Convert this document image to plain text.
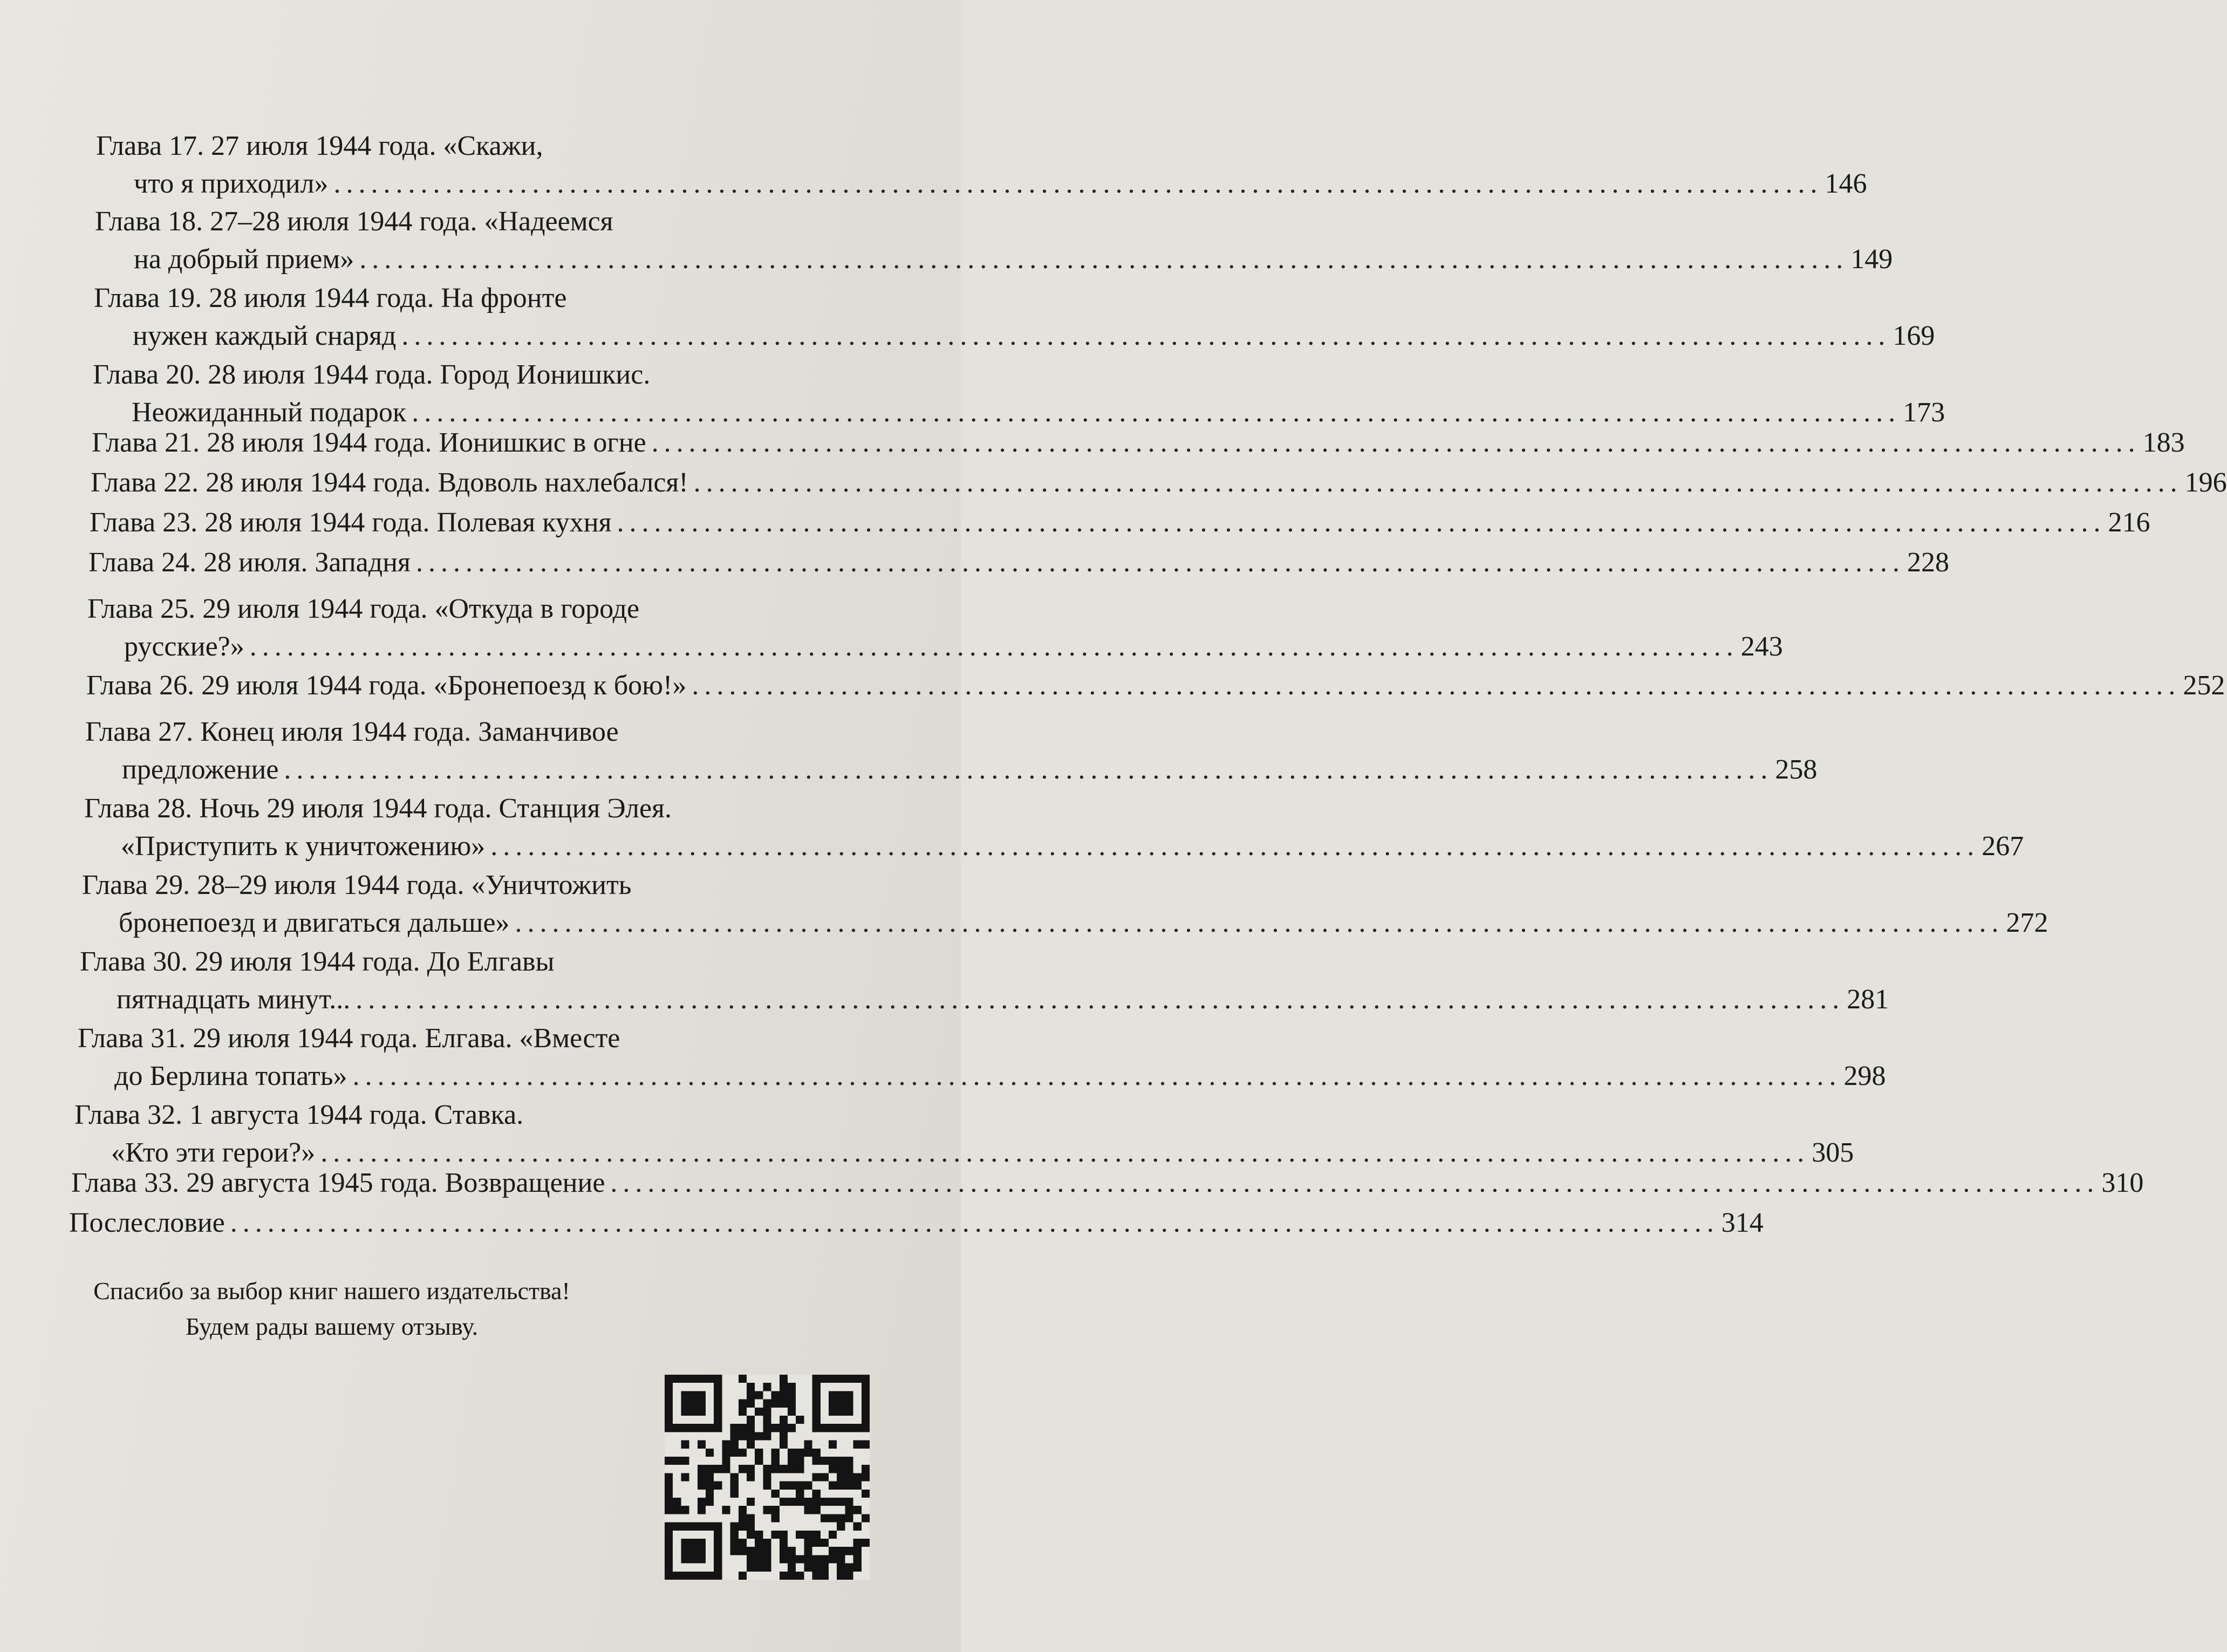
Глава 17. 27 июля 1944 года. «Скажи,
что я приходил» ........................................................................................................................ 146
Глава 18. 27–28 июля 1944 года. «Надеемся
на добрый прием» ........................................................................................................................ 149
Глава 19. 28 июля 1944 года. На фронте
нужен каждый снаряд ........................................................................................................................ 169
Глава 20. 28 июля 1944 года. Город Ионишкис.
Неожиданный подарок ........................................................................................................................ 173
Глава 21. 28 июля 1944 года. Ионишкис в огне ........................................................................................................................ 183
Глава 22. 28 июля 1944 года. Вдоволь нахлебался! ........................................................................................................................ 196
Глава 23. 28 июля 1944 года. Полевая кухня ........................................................................................................................ 216
Глава 24. 28 июля. Западня ........................................................................................................................ 228
Глава 25. 29 июля 1944 года. «Откуда в городе
русские?» ........................................................................................................................ 243
Глава 26. 29 июля 1944 года. «Бронепоезд к бою!» ........................................................................................................................ 252
Глава 27. Конец июля 1944 года. Заманчивое
предложение ........................................................................................................................ 258
Глава 28. Ночь 29 июля 1944 года. Станция Элея.
«Приступить к уничтожению» ........................................................................................................................ 267
Глава 29. 28–29 июля 1944 года. «Уничтожить
бронепоезд и двигаться дальше» ........................................................................................................................ 272
Глава 30. 29 июля 1944 года. До Елгавы
пятнадцать минут... ........................................................................................................................ 281
Глава 31. 29 июля 1944 года. Елгава. «Вместе
до Берлина топать» ........................................................................................................................ 298
Глава 32. 1 августа 1944 года. Ставка.
«Кто эти герои?» ........................................................................................................................ 305
Глава 33. 29 августа 1945 года. Возвращение ........................................................................................................................ 310
Послесловие ........................................................................................................................ 314
Спасибо за выбор книг нашего издательства!
Будем рады вашему отзыву.
